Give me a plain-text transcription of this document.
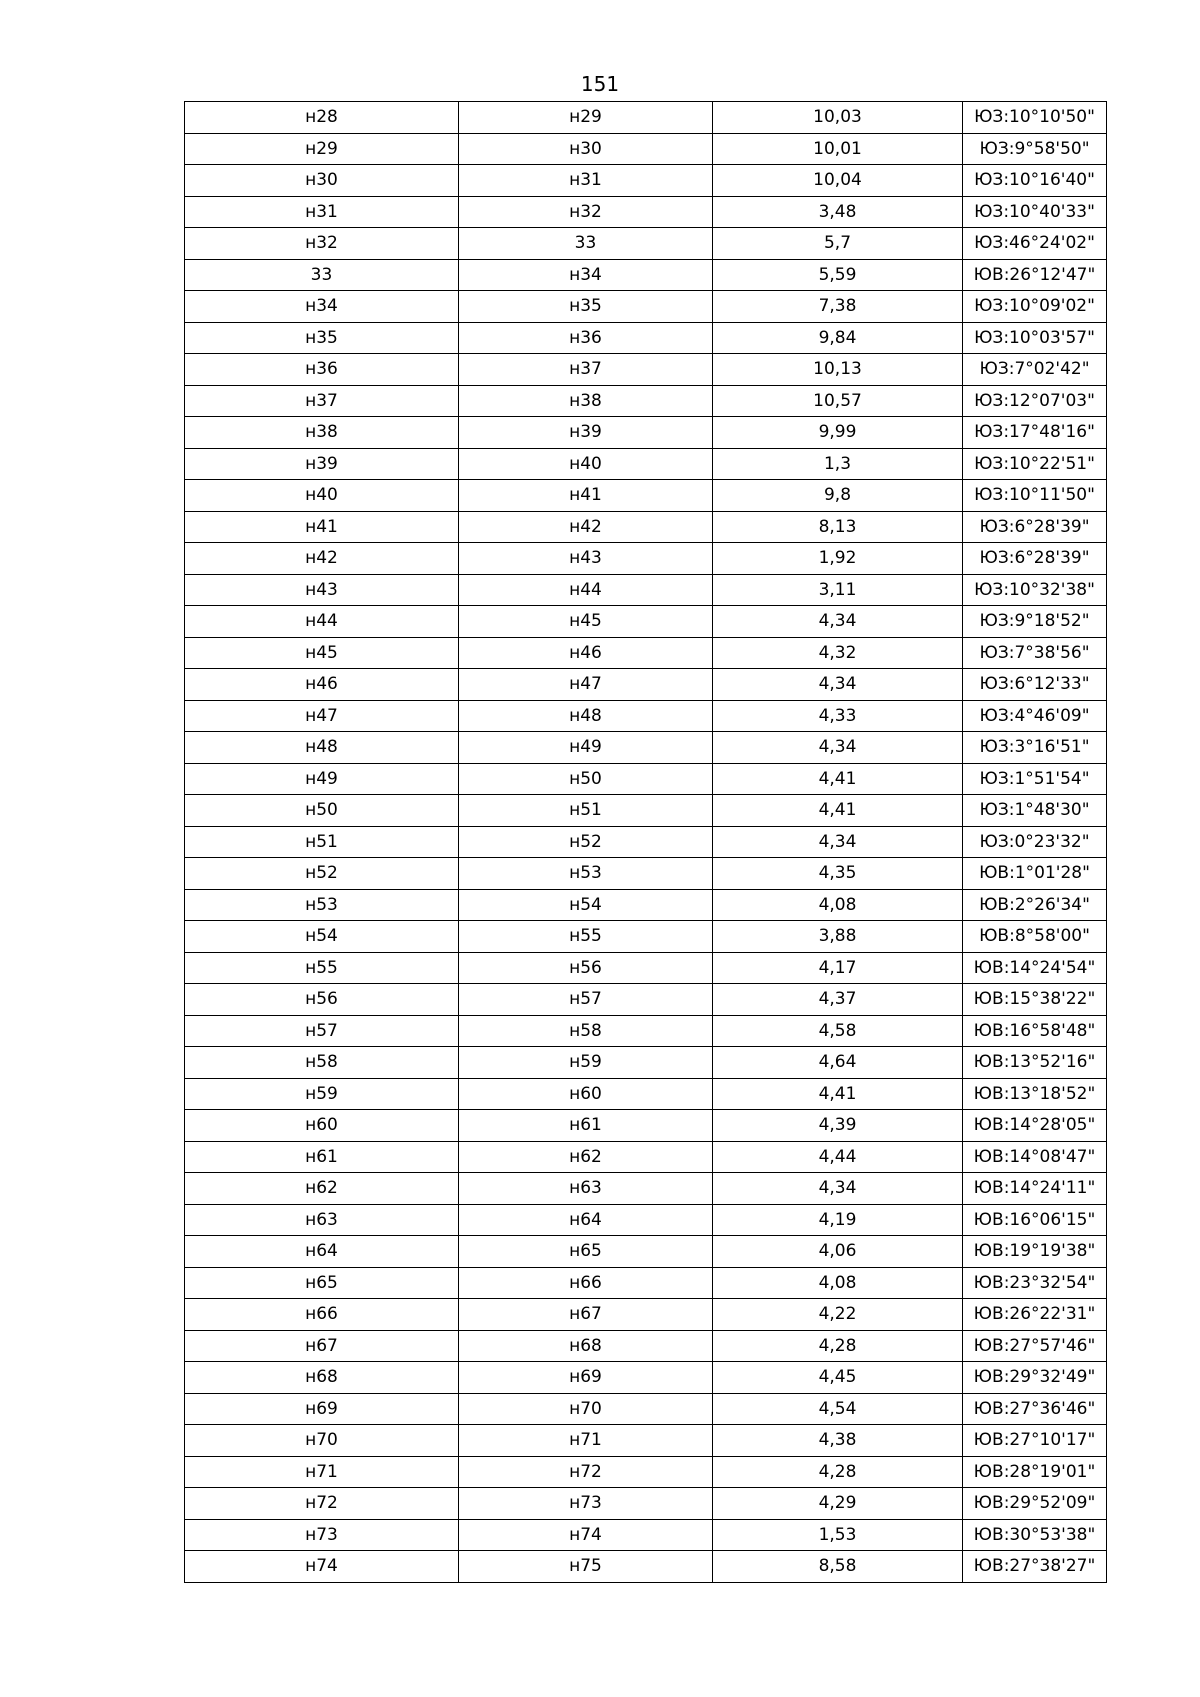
151
н28	н29	10,03	ЮЗ:10°10'50"
н29	н30	10,01	ЮЗ:9°58'50"
н30	н31	10,04	ЮЗ:10°16'40"
н31	н32	3,48	ЮЗ:10°40'33"
н32	33	5,7	ЮЗ:46°24'02"
33	н34	5,59	ЮВ:26°12'47"
н34	н35	7,38	ЮЗ:10°09'02"
н35	н36	9,84	ЮЗ:10°03'57"
н36	н37	10,13	ЮЗ:7°02'42"
н37	н38	10,57	ЮЗ:12°07'03"
н38	н39	9,99	ЮЗ:17°48'16"
н39	н40	1,3	ЮЗ:10°22'51"
н40	н41	9,8	ЮЗ:10°11'50"
н41	н42	8,13	ЮЗ:6°28'39"
н42	н43	1,92	ЮЗ:6°28'39"
н43	н44	3,11	ЮЗ:10°32'38"
н44	н45	4,34	ЮЗ:9°18'52"
н45	н46	4,32	ЮЗ:7°38'56"
н46	н47	4,34	ЮЗ:6°12'33"
н47	н48	4,33	ЮЗ:4°46'09"
н48	н49	4,34	ЮЗ:3°16'51"
н49	н50	4,41	ЮЗ:1°51'54"
н50	н51	4,41	ЮЗ:1°48'30"
н51	н52	4,34	ЮЗ:0°23'32"
н52	н53	4,35	ЮВ:1°01'28"
н53	н54	4,08	ЮВ:2°26'34"
н54	н55	3,88	ЮВ:8°58'00"
н55	н56	4,17	ЮВ:14°24'54"
н56	н57	4,37	ЮВ:15°38'22"
н57	н58	4,58	ЮВ:16°58'48"
н58	н59	4,64	ЮВ:13°52'16"
н59	н60	4,41	ЮВ:13°18'52"
н60	н61	4,39	ЮВ:14°28'05"
н61	н62	4,44	ЮВ:14°08'47"
н62	н63	4,34	ЮВ:14°24'11"
н63	н64	4,19	ЮВ:16°06'15"
н64	н65	4,06	ЮВ:19°19'38"
н65	н66	4,08	ЮВ:23°32'54"
н66	н67	4,22	ЮВ:26°22'31"
н67	н68	4,28	ЮВ:27°57'46"
н68	н69	4,45	ЮВ:29°32'49"
н69	н70	4,54	ЮВ:27°36'46"
н70	н71	4,38	ЮВ:27°10'17"
н71	н72	4,28	ЮВ:28°19'01"
н72	н73	4,29	ЮВ:29°52'09"
н73	н74	1,53	ЮВ:30°53'38"
н74	н75	8,58	ЮВ:27°38'27"
